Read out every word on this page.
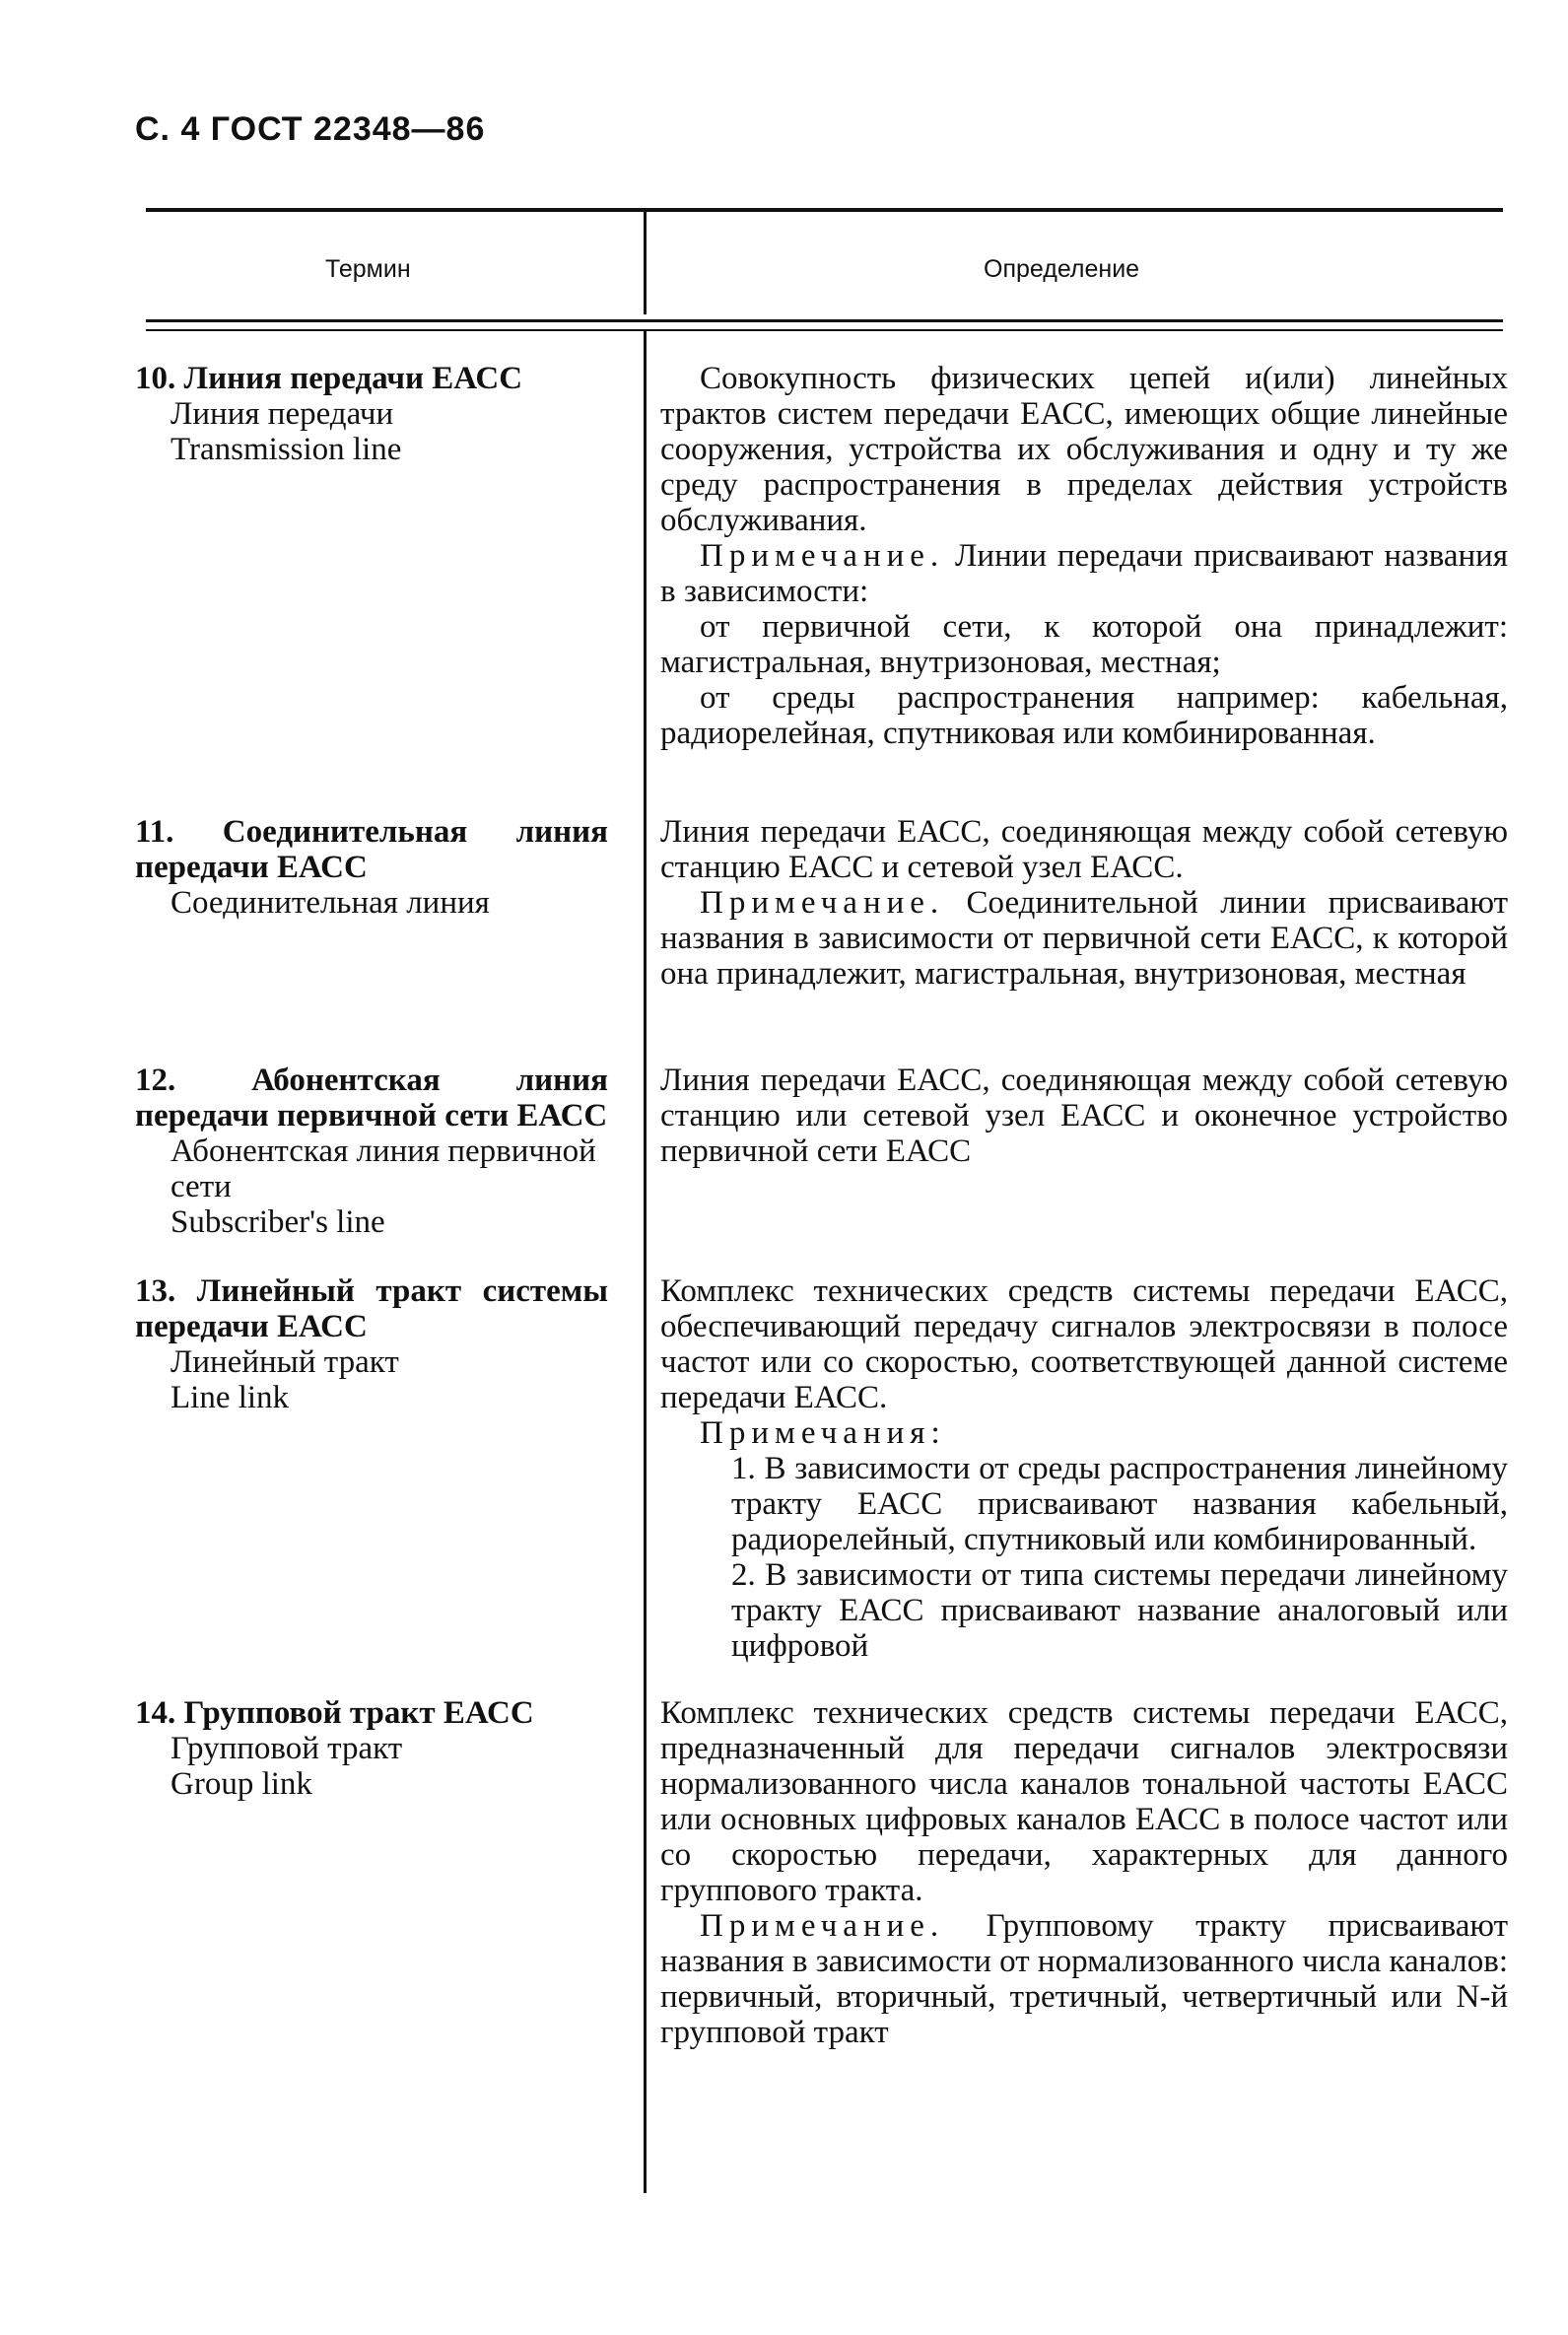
С. 4 ГОСТ 22348—86
Термин	Определение
10. Линия передачи ЕАСС
Линия передачи
Transmission line

Совокупность физических цепей и(или) линейных трактов систем передачи ЕАСС, имеющих общие линейные сооружения, устройства их обслуживания и одну и ту же среду распространения в пределах действия устройств обслуживания.

Примечание. Линии передачи присваивают названия в зависимости:

от первичной сети, к которой она принадлежит: магистральная, внутризоновая, местная;

от среды распространения например: кабельная, радиорелейная, спутниковая или комбинированная.

11. Соединительная линия передачи ЕАСС
Соединительная линия

Линия передачи ЕАСС, соединяющая между собой сетевую станцию ЕАСС и сетевой узел ЕАСС.

Примечание. Соединительной линии присваивают названия в зависимости от первичной сети ЕАСС, к которой она принадлежит, магистральная, внутризоновая, местная

12. Абонентская линия передачи первичной сети ЕАСС
Абонентская линия первичной сети
Subscriber's line

Линия передачи ЕАСС, соединяющая между собой сетевую станцию или сетевой узел ЕАСС и оконечное устройство первичной сети ЕАСС

13. Линейный тракт системы передачи ЕАСС
Линейный тракт
Line link

Комплекс технических средств системы передачи ЕАСС, обеспечивающий передачу сигналов электросвязи в полосе частот или со скоростью, соответствующей данной системе передачи ЕАСС.

Примечания:

1. В зависимости от среды распространения линейному тракту ЕАСС присваивают названия кабельный, радиорелейный, спутниковый или комбинированный.

2. В зависимости от типа системы передачи линейному тракту ЕАСС присваивают название аналоговый или цифровой

14. Групповой тракт ЕАСС
Групповой тракт
Group link

Комплекс технических средств системы передачи ЕАСС, предназначенный для передачи сигналов электросвязи нормализованного числа каналов тональной частоты ЕАСС или основных цифровых каналов ЕАСС в полосе частот или со скоростью передачи, характерных для данного группового тракта.

Примечание. Групповому тракту присваивают названия в зависимости от нормализованного числа каналов: первичный, вторичный, третичный, четвертичный или N-й групповой тракт
